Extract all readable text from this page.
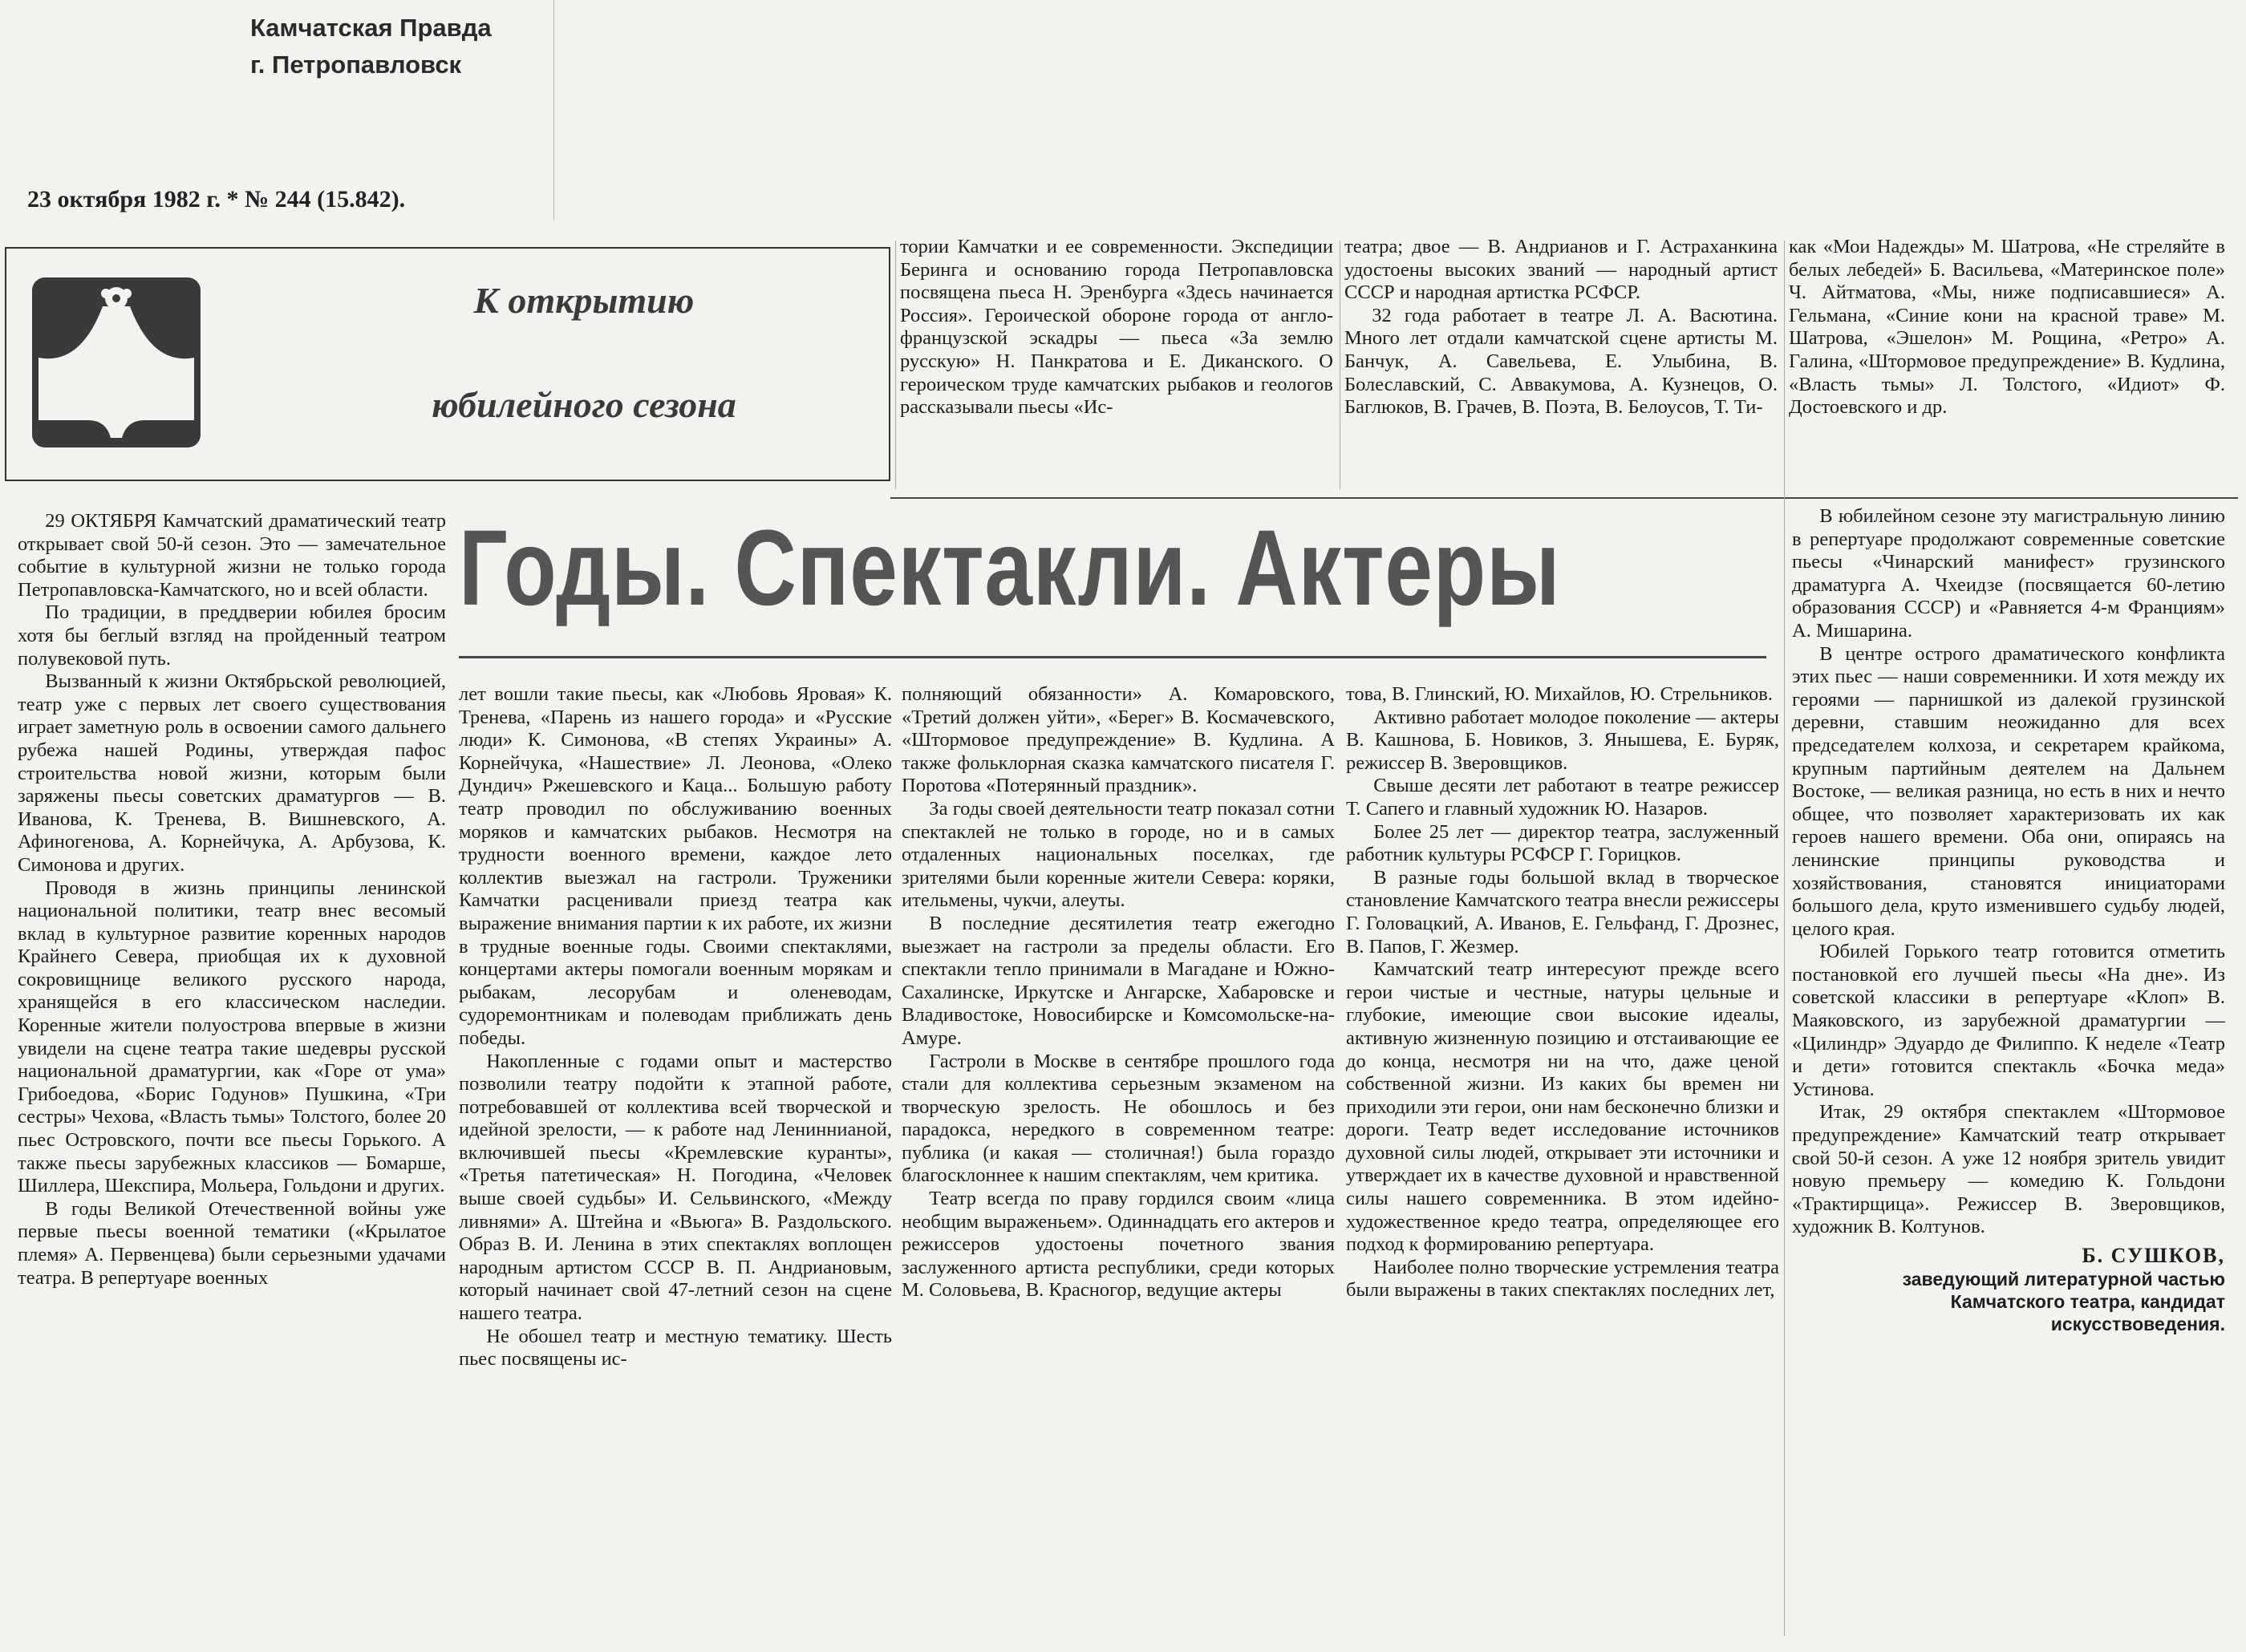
Камчатская Правда
г. Петропавловск
23 октября 1982 г. * № 244 (15.842).
К открытию
юбилейного сезона

тории Камчатки и ее современности. Экспедиции Беринга и основанию города Петропавловска посвящена пьеса Н. Эренбурга «Здесь начинается Россия». Героической обороне города от англо-французской эскадры — пьеса «За землю русскую» Н. Панкратова и Е. Диканского. О героическом труде камчатских рыбаков и геологов рассказывали пьесы «Ис-

театра; двое — В. Андрианов и Г. Астраханкина удостоены высоких званий — народный артист СССР и народная артистка РСФСР.

32 года работает в театре Л. А. Васютина. Много лет отдали камчатской сцене артисты М. Банчук, А. Савельева, Е. Улыбина, В. Болеславский, С. Аввакумова, А. Кузнецов, О. Баглюков, В. Грачев, В. Поэта, В. Белоусов, Т. Ти-

как «Мои Надежды» М. Шатрова, «Не стреляйте в белых лебедей» Б. Васильева, «Материнское поле» Ч. Айтматова, «Мы, ниже подписавшиеся» А. Гельмана, «Синие кони на красной траве» М. Шатрова, «Эшелон» М. Рощина, «Ретро» А. Галина, «Штормовое предупреждение» В. Кудлина, «Власть тьмы» Л. Толстого, «Идиот» Ф. Достоевского и др.

Годы. Спектакли. Актеры

29 ОКТЯБРЯ Камчатский драматический театр открывает свой 50-й сезон. Это — замечательное событие в культурной жизни не только города Петропавловска-Камчатского, но и всей области.

По традиции, в преддверии юбилея бросим хотя бы беглый взгляд на пройденный театром полувековой путь.

Вызванный к жизни Октябрьской революцией, театр уже с первых лет своего существования играет заметную роль в освоении самого дальнего рубежа нашей Родины, утверждая пафос строительства новой жизни, которым были заряжены пьесы советских драматургов — В. Иванова, К. Тренева, В. Вишневского, А. Афиногенова, А. Корнейчука, А. Арбузова, К. Симонова и других.

Проводя в жизнь принципы ленинской национальной политики, театр внес весомый вклад в культурное развитие коренных народов Крайнего Севера, приобщая их к духовной сокровищнице великого русского народа, хранящейся в его классическом наследии. Коренные жители полуострова впервые в жизни увидели на сцене театра такие шедевры русской национальной драматургии, как «Горе от ума» Грибоедова, «Борис Годунов» Пушкина, «Три сестры» Чехова, «Власть тьмы» Толстого, более 20 пьес Островского, почти все пьесы Горького. А также пьесы зарубежных классиков — Бомарше, Шиллера, Шекспира, Мольера, Гольдони и других.

В годы Великой Отечественной войны уже первые пьесы военной тематики («Крылатое племя» А. Первенцева) были серьезными удачами театра. В репертуаре военных

лет вошли такие пьесы, как «Любовь Яровая» К. Тренева, «Парень из нашего города» и «Русские люди» К. Симонова, «В степях Украины» А. Корнейчука, «Нашествие» Л. Леонова, «Олеко Дундич» Ржешевского и Каца... Большую работу театр проводил по обслуживанию военных моряков и камчатских рыбаков. Несмотря на трудности военного времени, каждое лето коллектив выезжал на гастроли. Труженики Камчатки расценивали приезд театра как выражение внимания партии к их работе, их жизни в трудные военные годы. Своими спектаклями, концертами актеры помогали военным морякам и рыбакам, лесорубам и оленеводам, судоремонтникам и полеводам приближать день победы.

Накопленные с годами опыт и мастерство позволили театру подойти к этапной работе, потребовавшей от коллектива всей творческой и идейной зрелости, — к работе над Лениннианой, включившей пьесы «Кремлевские куранты», «Третья патетическая» Н. Погодина, «Человек выше своей судьбы» И. Сельвинского, «Между ливнями» А. Штейна и «Вьюга» В. Раздольского. Образ В. И. Ленина в этих спектаклях воплощен народным артистом СССР В. П. Андриановым, который начинает свой 47-летний сезон на сцене нашего театра.

Не обошел театр и местную тематику. Шесть пьес посвящены ис-

полняющий обязанности» А. Комаровского, «Третий должен уйти», «Берег» В. Космачевского, «Штормовое предупреждение» В. Кудлина. А также фольклорная сказка камчатского писателя Г. Поротова «Потерянный праздник».

За годы своей деятельности театр показал сотни спектаклей не только в городе, но и в самых отдаленных национальных поселках, где зрителями были коренные жители Севера: коряки, ительмены, чукчи, алеуты.

В последние десятилетия театр ежегодно выезжает на гастроли за пределы области. Его спектакли тепло принимали в Магадане и Южно-Сахалинске, Иркутске и Ангарске, Хабаровске и Владивостоке, Новосибирске и Комсомольске-на-Амуре.

Гастроли в Москве в сентябре прошлого года стали для коллектива серьезным экзаменом на творческую зрелость. Не обошлось и без парадокса, нередкого в современном театре: публика (и какая — столичная!) была гораздо благосклоннее к нашим спектаклям, чем критика.

Театр всегда по праву гордился своим «лица необщим выраженьем». Одиннадцать его актеров и режиссеров удостоены почетного звания заслуженного артиста республики, среди которых М. Соловьева, В. Красногор, ведущие актеры

това, В. Глинский, Ю. Михайлов, Ю. Стрельников.

Активно работает молодое поколение — актеры В. Кашнова, Б. Новиков, З. Янышева, Е. Буряк, режиссер В. Зверовщиков.

Свыше десяти лет работают в театре режиссер Т. Сапего и главный художник Ю. Назаров.

Более 25 лет — директор театра, заслуженный работник культуры РСФСР Г. Горицков.

В разные годы большой вклад в творческое становление Камчатского театра внесли режиссеры Г. Головацкий, А. Иванов, Е. Гельфанд, Г. Дрознес, В. Папов, Г. Жезмер.

Камчатский театр интересуют прежде всего герои чистые и честные, натуры цельные и глубокие, имеющие свои высокие идеалы, активную жизненную позицию и отстаивающие ее до конца, несмотря ни на что, даже ценой собственной жизни. Из каких бы времен ни приходили эти герои, они нам бесконечно близки и дороги. Театр ведет исследование источников духовной силы людей, открывает эти источники и утверждает их в качестве духовной и нравственной силы нашего современника. В этом идейно-художественное кредо театра, определяющее его подход к формированию репертуара.

Наиболее полно творческие устремления театра были выражены в таких спектаклях последних лет,

В юбилейном сезоне эту магистральную линию в репертуаре продолжают современные советские пьесы «Чинарский манифест» грузинского драматурга А. Чхеидзе (посвящается 60-летию образования СССР) и «Равняется 4-м Франциям» А. Мишарина.

В центре острого драматического конфликта этих пьес — наши современники. И хотя между их героями — парнишкой из далекой грузинской деревни, ставшим неожиданно для всех председателем колхоза, и секретарем крайкома, крупным партийным деятелем на Дальнем Востоке, — великая разница, но есть в них и нечто общее, что позволяет характеризовать их как героев нашего времени. Оба они, опираясь на ленинские принципы руководства и хозяйствования, становятся инициаторами большого дела, круто изменившего судьбу людей, целого края.

Юбилей Горького театр готовится отметить постановкой его лучшей пьесы «На дне». Из советской классики в репертуаре «Клоп» В. Маяковского, из зарубежной драматургии — «Цилиндр» Эдуардо де Филиппо. К неделе «Театр и дети» готовится спектакль «Бочка меда» Устинова.

Итак, 29 октября спектаклем «Штормовое предупреждение» Камчатский театр открывает свой 50-й сезон. А уже 12 ноября зритель увидит новую премьеру — комедию К. Гольдони «Трактирщица». Режиссер В. Зверовщиков, художник В. Колтунов.

Б. СУШКОВ,
заведующий литературной частью Камчатского театра, кандидат искусствоведения.
